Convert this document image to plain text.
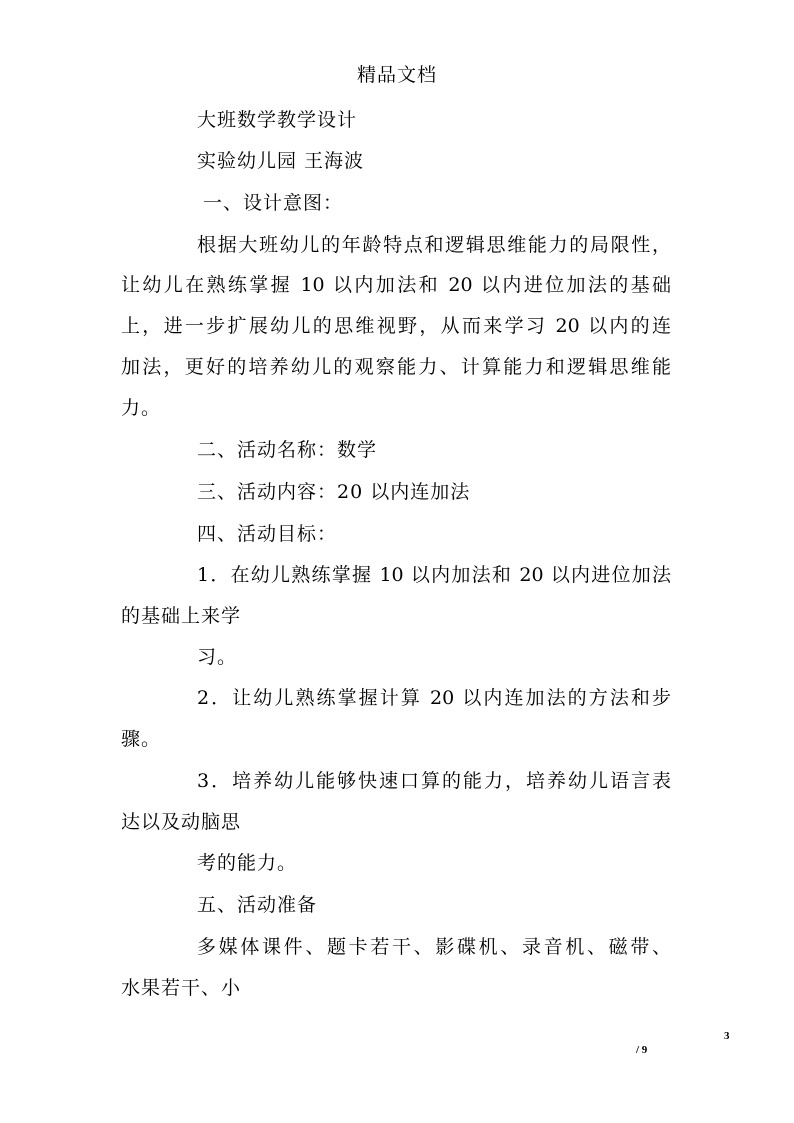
精品文档
大班数学教学设计
实验幼儿园 王海波
一、设计意图：
根据大班幼儿的年龄特点和逻辑思维能力的局限性，
让幼儿在熟练掌握 10 以内加法和 20 以内进位加法的基础
上，进一步扩展幼儿的思维视野，从而来学习 20 以内的连
加法，更好的培养幼儿的观察能力、计算能力和逻辑思维能
力。
二、活动名称：数学
三、活动内容：20 以内连加法
四、活动目标：
1．在幼儿熟练掌握 10 以内加法和 20 以内进位加法
的基础上来学
习。
2．让幼儿熟练掌握计算 20 以内连加法的方法和步
骤。
3．培养幼儿能够快速口算的能力，培养幼儿语言表
达以及动脑思
考的能力。
五、活动准备
多媒体课件、题卡若干、影碟机、录音机、磁带、
水果若干、小
3
/ 9
